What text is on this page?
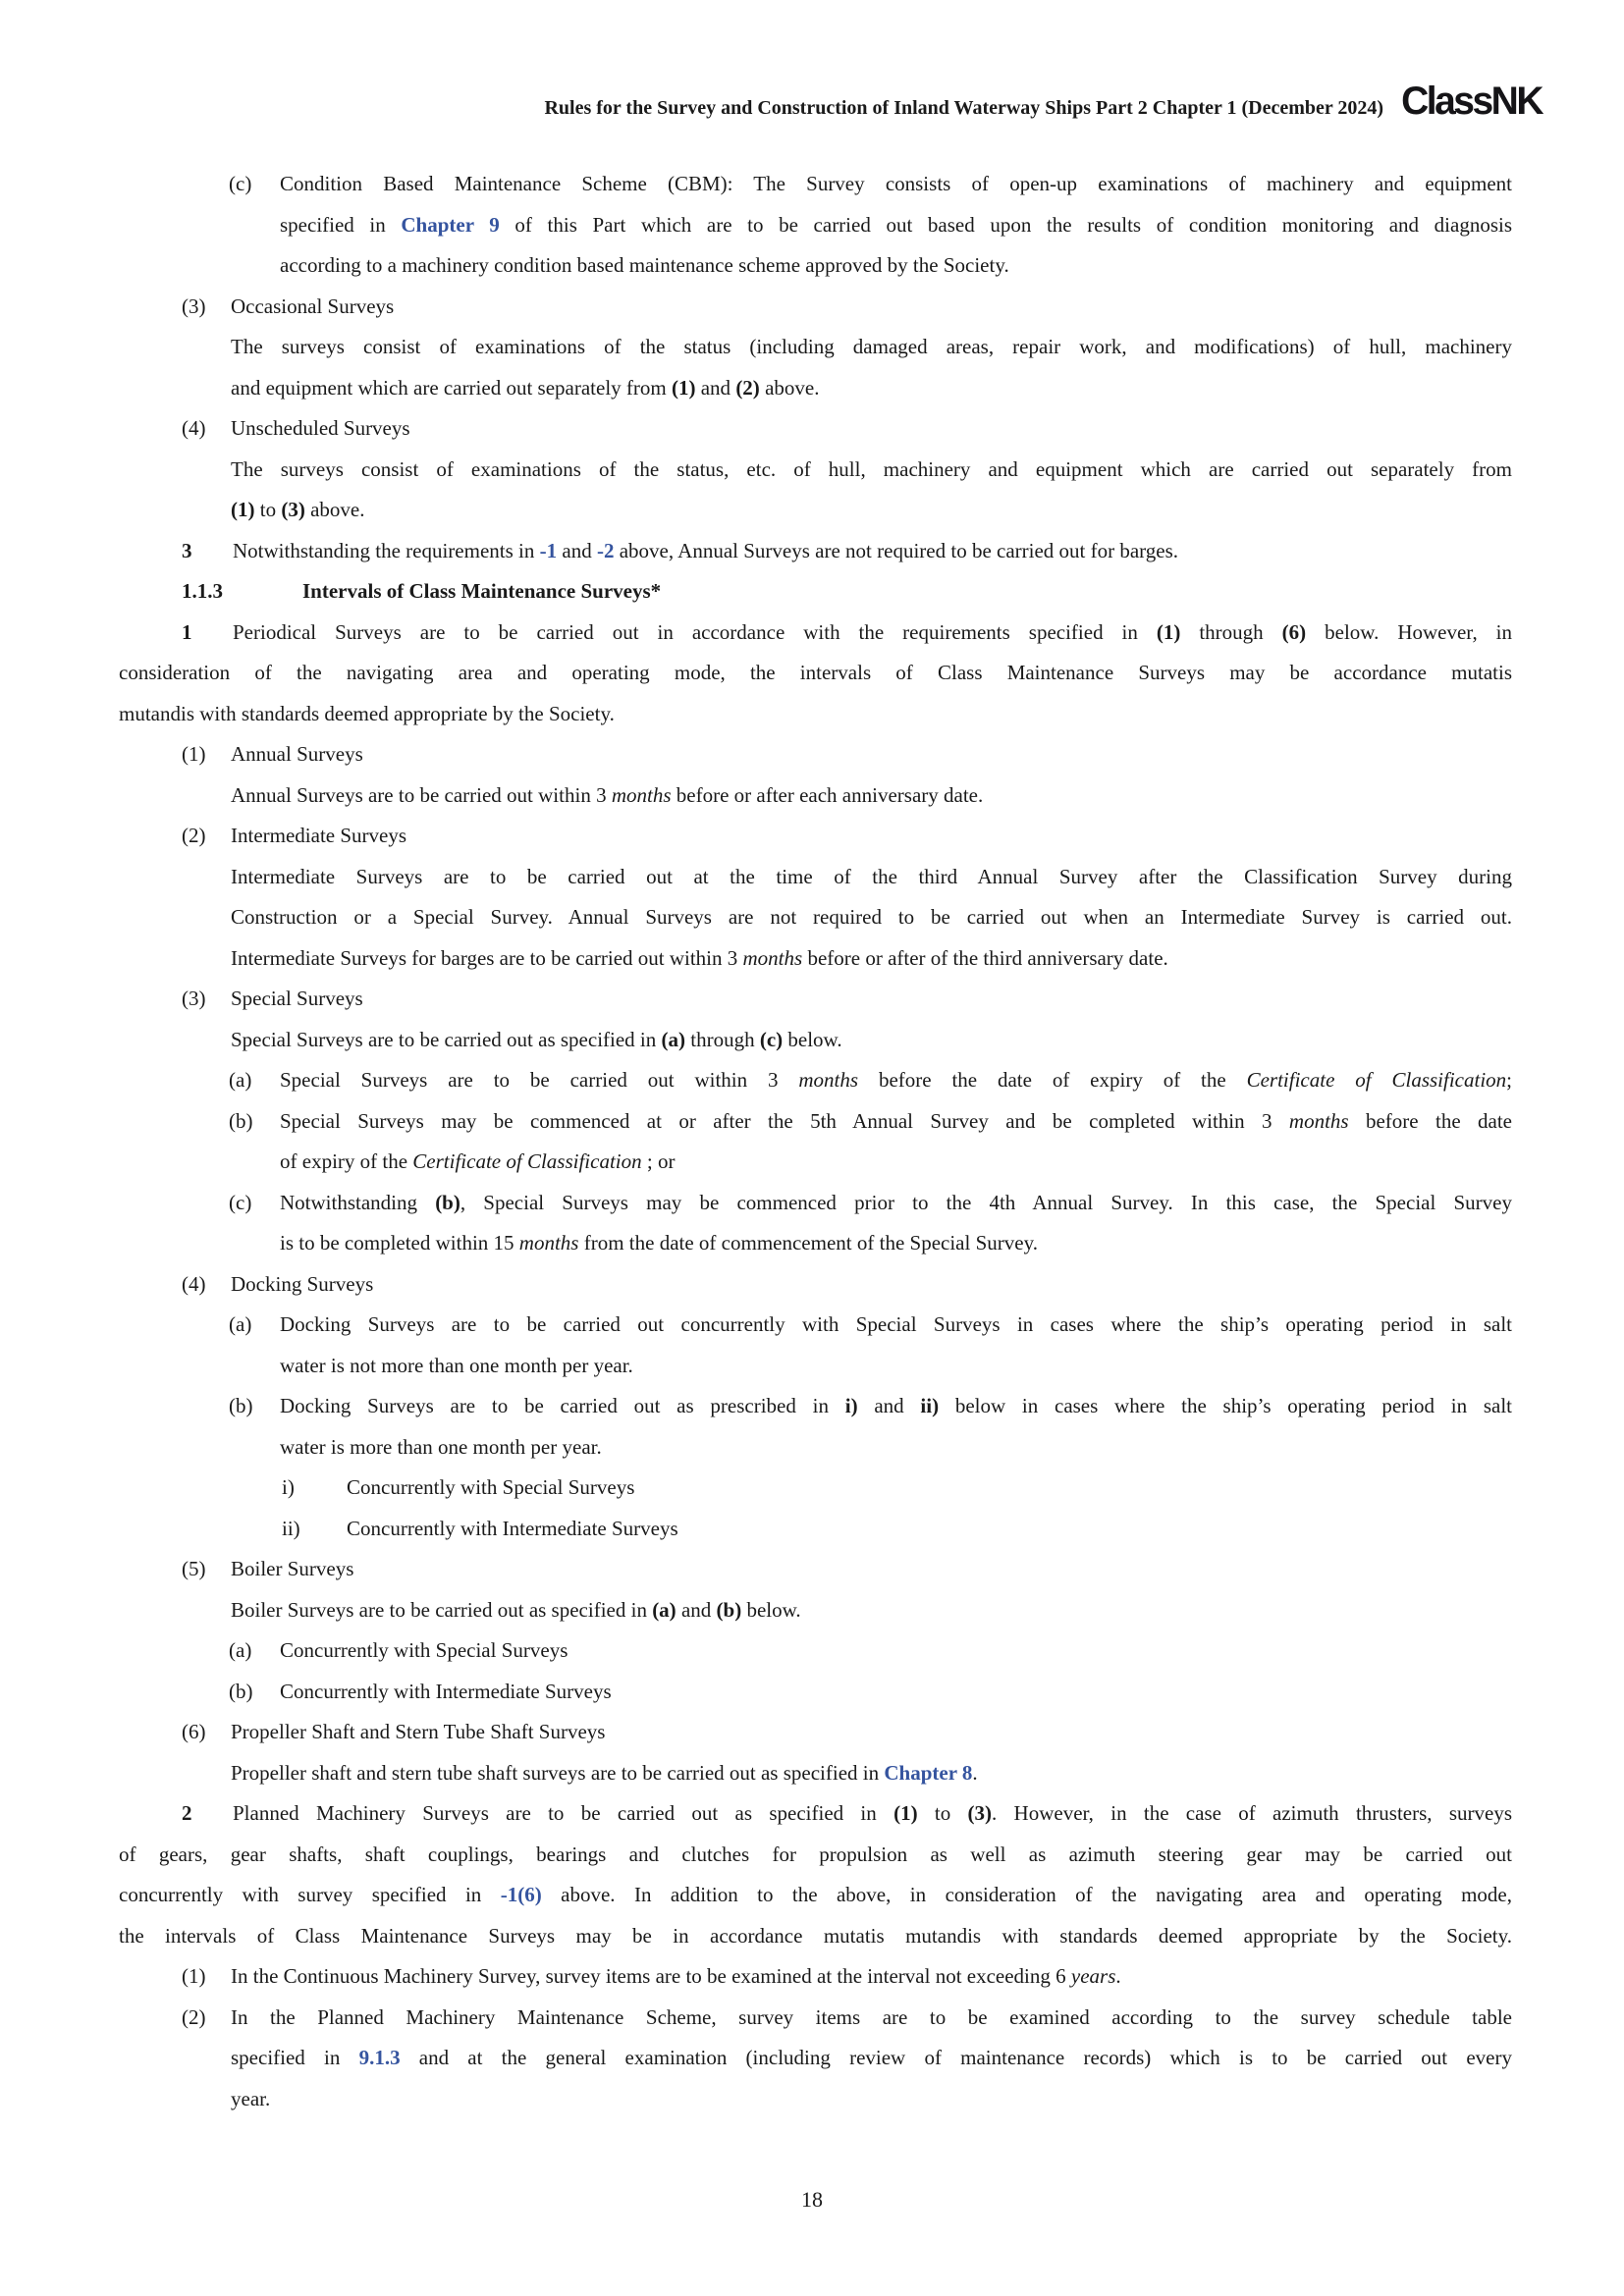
Rules for the Survey and Construction of Inland Waterway Ships Part 2 Chapter 1 (December 2024) ClassNK
(c) Condition Based Maintenance Scheme (CBM): The Survey consists of open-up examinations of machinery and equipment
specified in Chapter 9 of this Part which are to be carried out based upon the results of condition monitoring and diagnosis
according to a machinery condition based maintenance scheme approved by the Society.
(3) Occasional Surveys
The surveys consist of examinations of the status (including damaged areas, repair work, and modifications) of hull, machinery
and equipment which are carried out separately from (1) and (2) above.
(4) Unscheduled Surveys
The surveys consist of examinations of the status, etc. of hull, machinery and equipment which are carried out separately from
(1) to (3) above.
3 Notwithstanding the requirements in -1 and -2 above, Annual Surveys are not required to be carried out for barges.
1.1.3	Intervals of Class Maintenance Surveys*
1 Periodical Surveys are to be carried out in accordance with the requirements specified in (1) through (6) below. However, in
consideration of the navigating area and operating mode, the intervals of Class Maintenance Surveys may be accordance mutatis
mutandis with standards deemed appropriate by the Society.
(1) Annual Surveys
Annual Surveys are to be carried out within 3 months before or after each anniversary date.
(2) Intermediate Surveys
Intermediate Surveys are to be carried out at the time of the third Annual Survey after the Classification Survey during
Construction or a Special Survey. Annual Surveys are not required to be carried out when an Intermediate Survey is carried out.
Intermediate Surveys for barges are to be carried out within 3 months before or after of the third anniversary date.
(3) Special Surveys
Special Surveys are to be carried out as specified in (a) through (c) below.
(a) Special Surveys are to be carried out within 3 months before the date of expiry of the Certificate of Classification;
(b) Special Surveys may be commenced at or after the 5th Annual Survey and be completed within 3 months before the date
of expiry of the Certificate of Classification ; or
(c) Notwithstanding (b), Special Surveys may be commenced prior to the 4th Annual Survey. In this case, the Special Survey
is to be completed within 15 months from the date of commencement of the Special Survey.
(4) Docking Surveys
(a) Docking Surveys are to be carried out concurrently with Special Surveys in cases where the ship’s operating period in salt
water is not more than one month per year.
(b) Docking Surveys are to be carried out as prescribed in i) and ii) below in cases where the ship’s operating period in salt
water is more than one month per year.
i)	Concurrently with Special Surveys
ii) Concurrently with Intermediate Surveys
(5) Boiler Surveys
Boiler Surveys are to be carried out as specified in (a) and (b) below.
(a) Concurrently with Special Surveys
(b) Concurrently with Intermediate Surveys
(6) Propeller Shaft and Stern Tube Shaft Surveys
Propeller shaft and stern tube shaft surveys are to be carried out as specified in Chapter 8.
2 Planned Machinery Surveys are to be carried out as specified in (1) to (3). However, in the case of azimuth thrusters, surveys
of gears, gear shafts, shaft couplings, bearings and clutches for propulsion as well as azimuth steering gear may be carried out
concurrently with survey specified in -1(6) above. In addition to the above, in consideration of the navigating area and operating mode,
the intervals of Class Maintenance Surveys may be in accordance mutatis mutandis with standards deemed appropriate by the Society.
(1) In the Continuous Machinery Survey, survey items are to be examined at the interval not exceeding 6 years.
(2) In the Planned Machinery Maintenance Scheme, survey items are to be examined according to the survey schedule table
specified in 9.1.3 and at the general examination (including review of maintenance records) which is to be carried out every
year.
18
